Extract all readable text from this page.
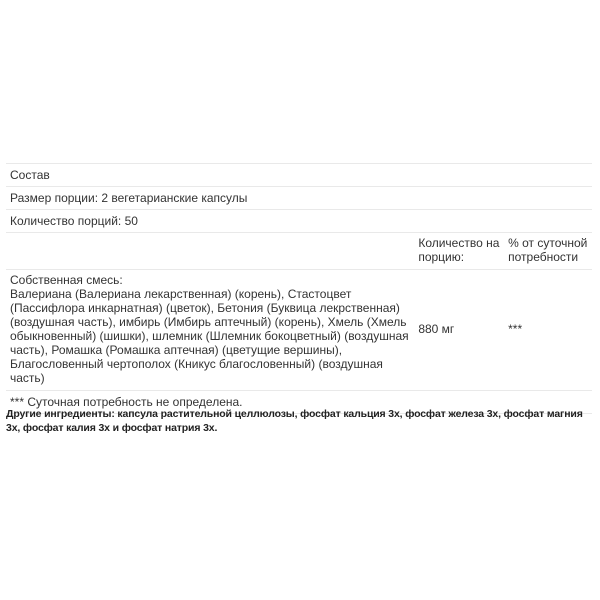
Состав		
Размер порции: 2 вегетарианские капсулы		
Количество порций: 50		
	Количество на порцию:	% от суточной потребности

Собственная смесь:
Валериана (Валериана лекарственная) (корень), Стастоцвет (Пассифлора инкарнатная) (цветок), Бетония (Буквица лекрственная) (воздушная часть), имбирь (Имбирь аптечный) (корень), Хмель (Хмель обыкновенный) (шишки), шлемник (Шлемник бокоцветный) (воздушная часть), Ромашка (Ромашка аптечная) (цветущие вершины), Благословенный чертополох (Кникус благословенный) (воздушная часть)	880 мг	***
*** Суточная потребность не определена.		
Другие ингредиенты: капсула растительной целлюлозы, фосфат кальция 3x, фосфат железа 3x, фосфат магния 3x, фосфат калия 3x и фосфат натрия 3x.
